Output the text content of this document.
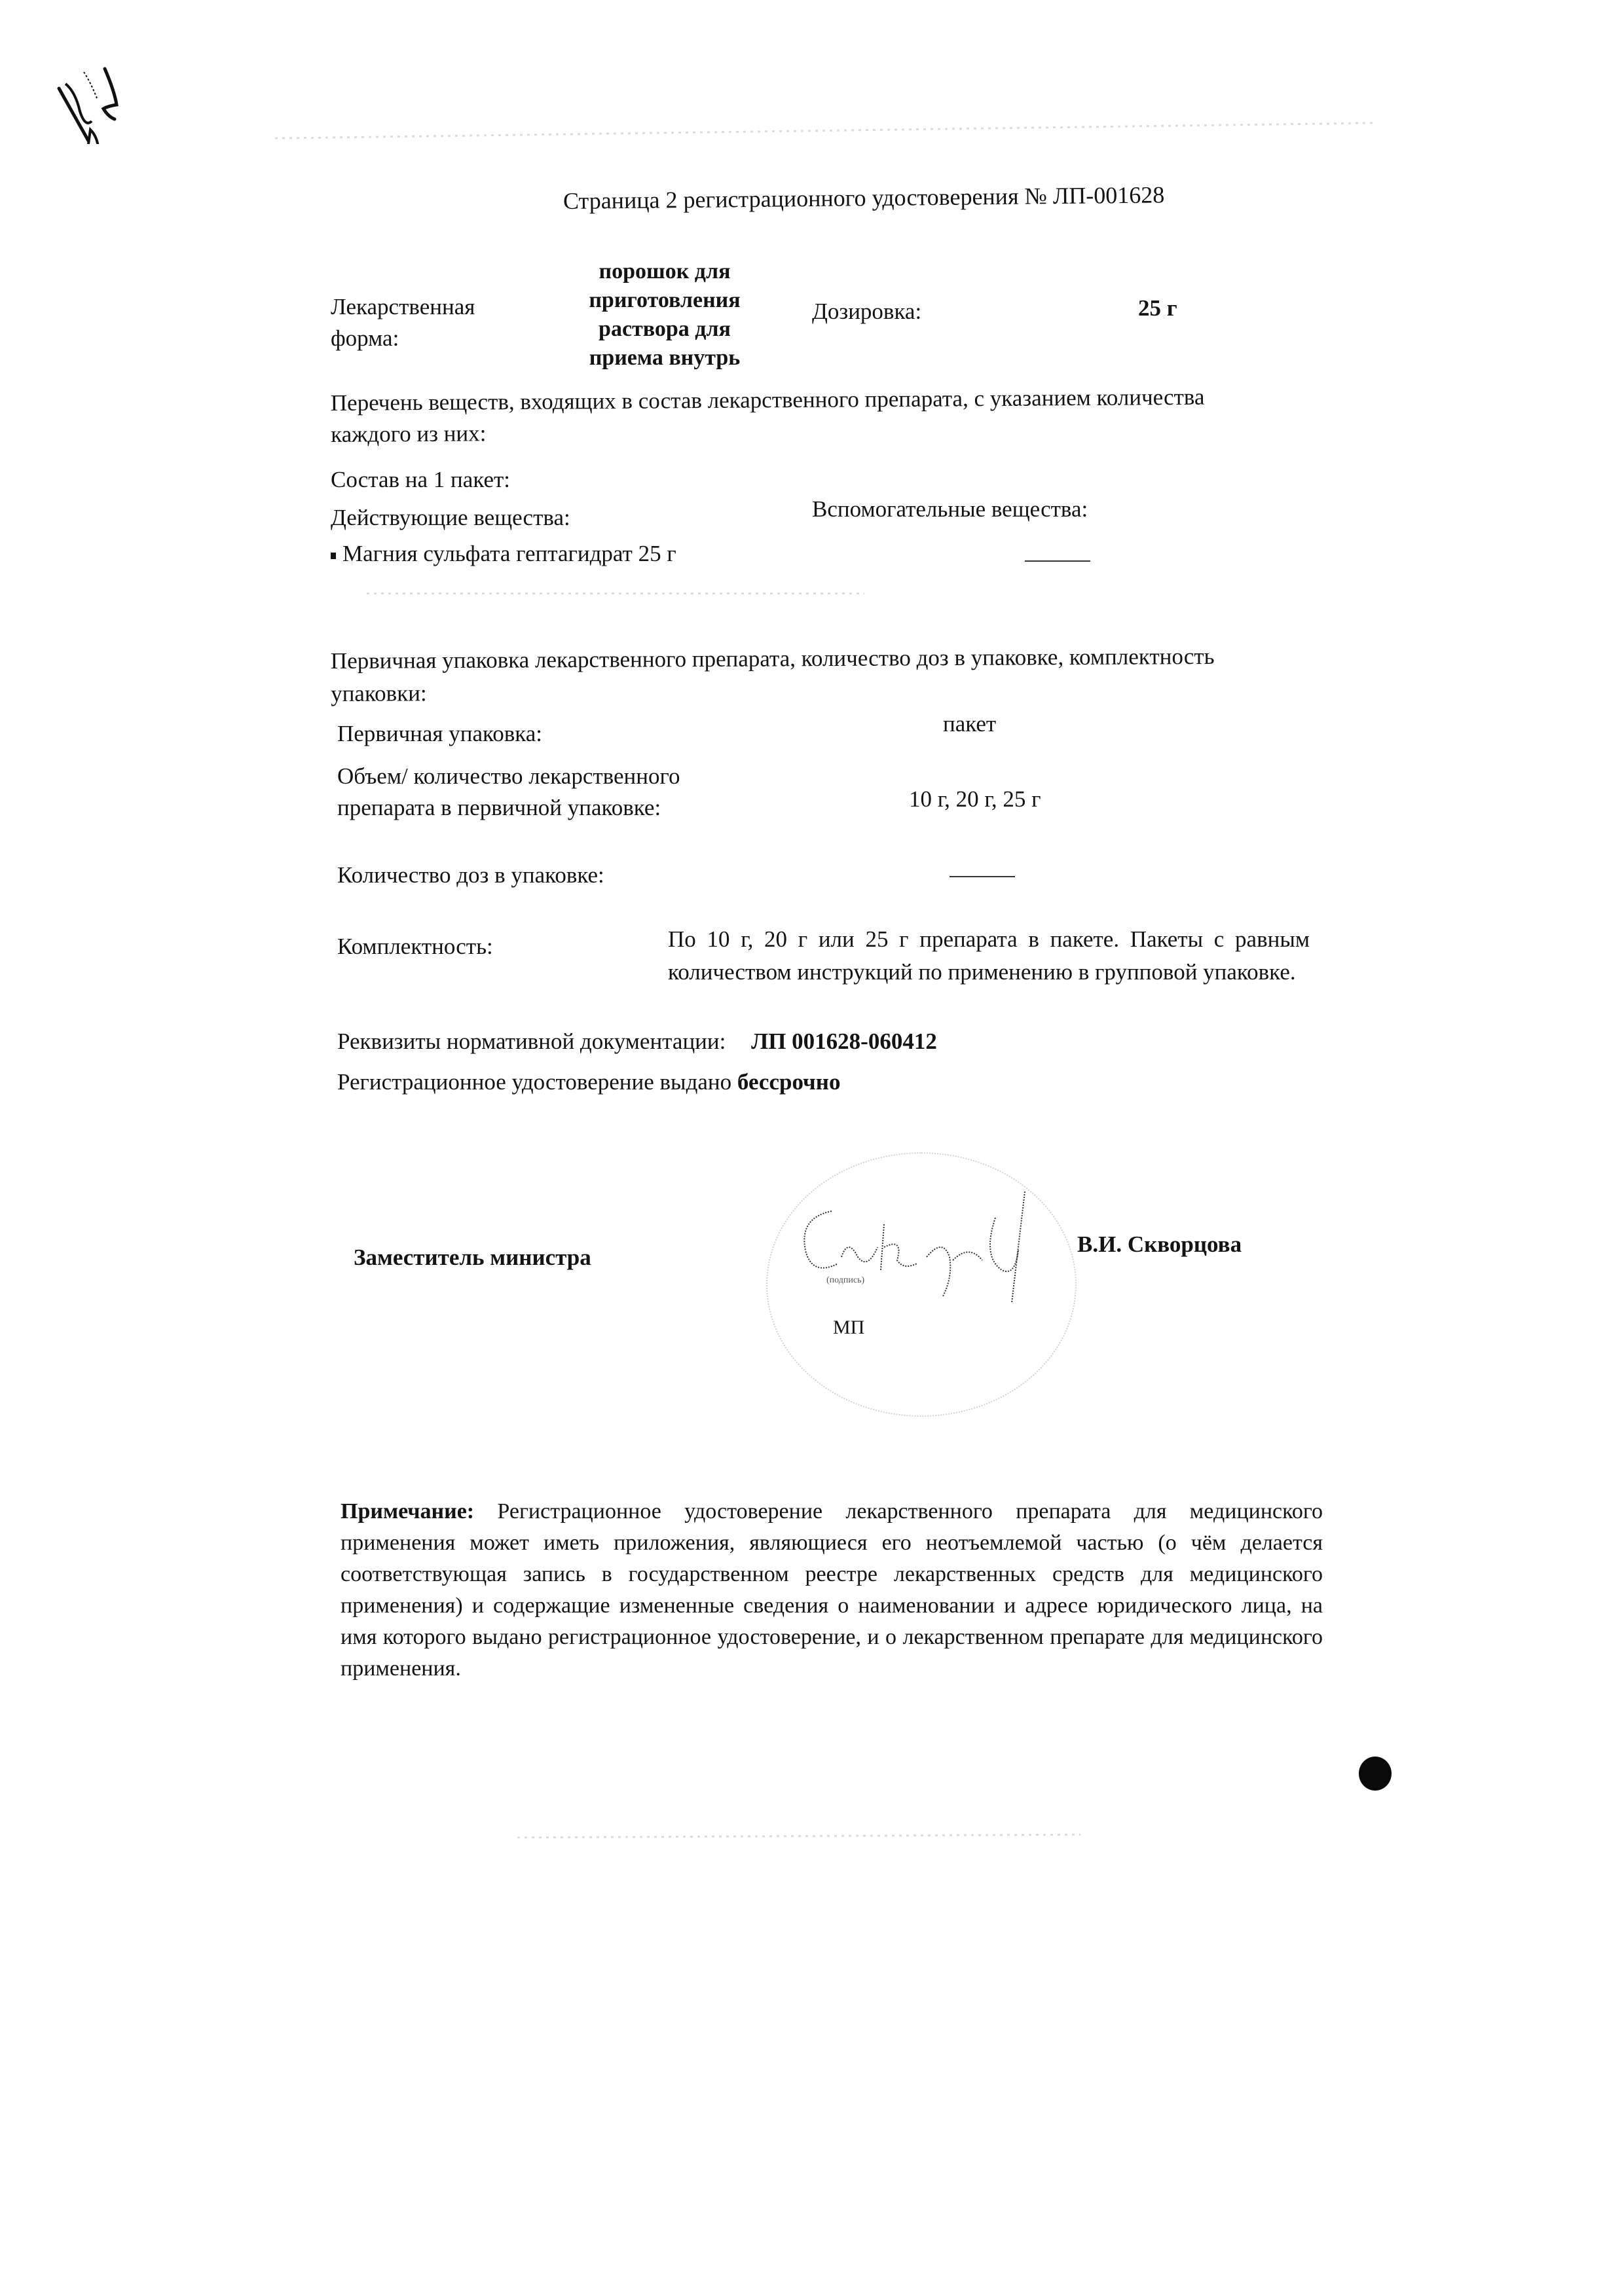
Страница 2 регистрационного удостоверения № ЛП-001628
Лекарственная форма:
порошок для
приготовления
раствора для
приема внутрь
Дозировка:	25 г
Перечень веществ, входящих в состав лекарственного препарата, с указанием количества каждого из них:
Состав на 1 пакет:
Действующие вещества:	Вспомогательные вещества:
Магния сульфата гептагидрат 25 г
Первичная упаковка лекарственного препарата, количество доз в упаковке, комплектность упаковки:
Первичная упаковка:	пакет
Объем/ количество лекарственного препарата в первичной упаковке:	10 г, 20 г, 25 г
Количество доз в упаковке:
Комплектность:	По 10 г, 20 г или 25 г препарата в пакете. Пакеты с равным количеством инструкций по применению в групповой упаковке.
Реквизиты нормативной документации: ЛП 001628-060412
Регистрационное удостоверение выдано бессрочно
Заместитель министра
(подпись)
В.И. Скворцова
МП
Примечание: Регистрационное удостоверение лекарственного препарата для медицинского применения может иметь приложения, являющиеся его неотъемлемой частью (о чём делается соответствующая запись в государственном реестре лекарственных средств для медицинского применения) и содержащие измененные сведения о наименовании и адресе юридического лица, на имя которого выдано регистрационное удостоверение, и о лекарственном препарате для медицинского применения.
